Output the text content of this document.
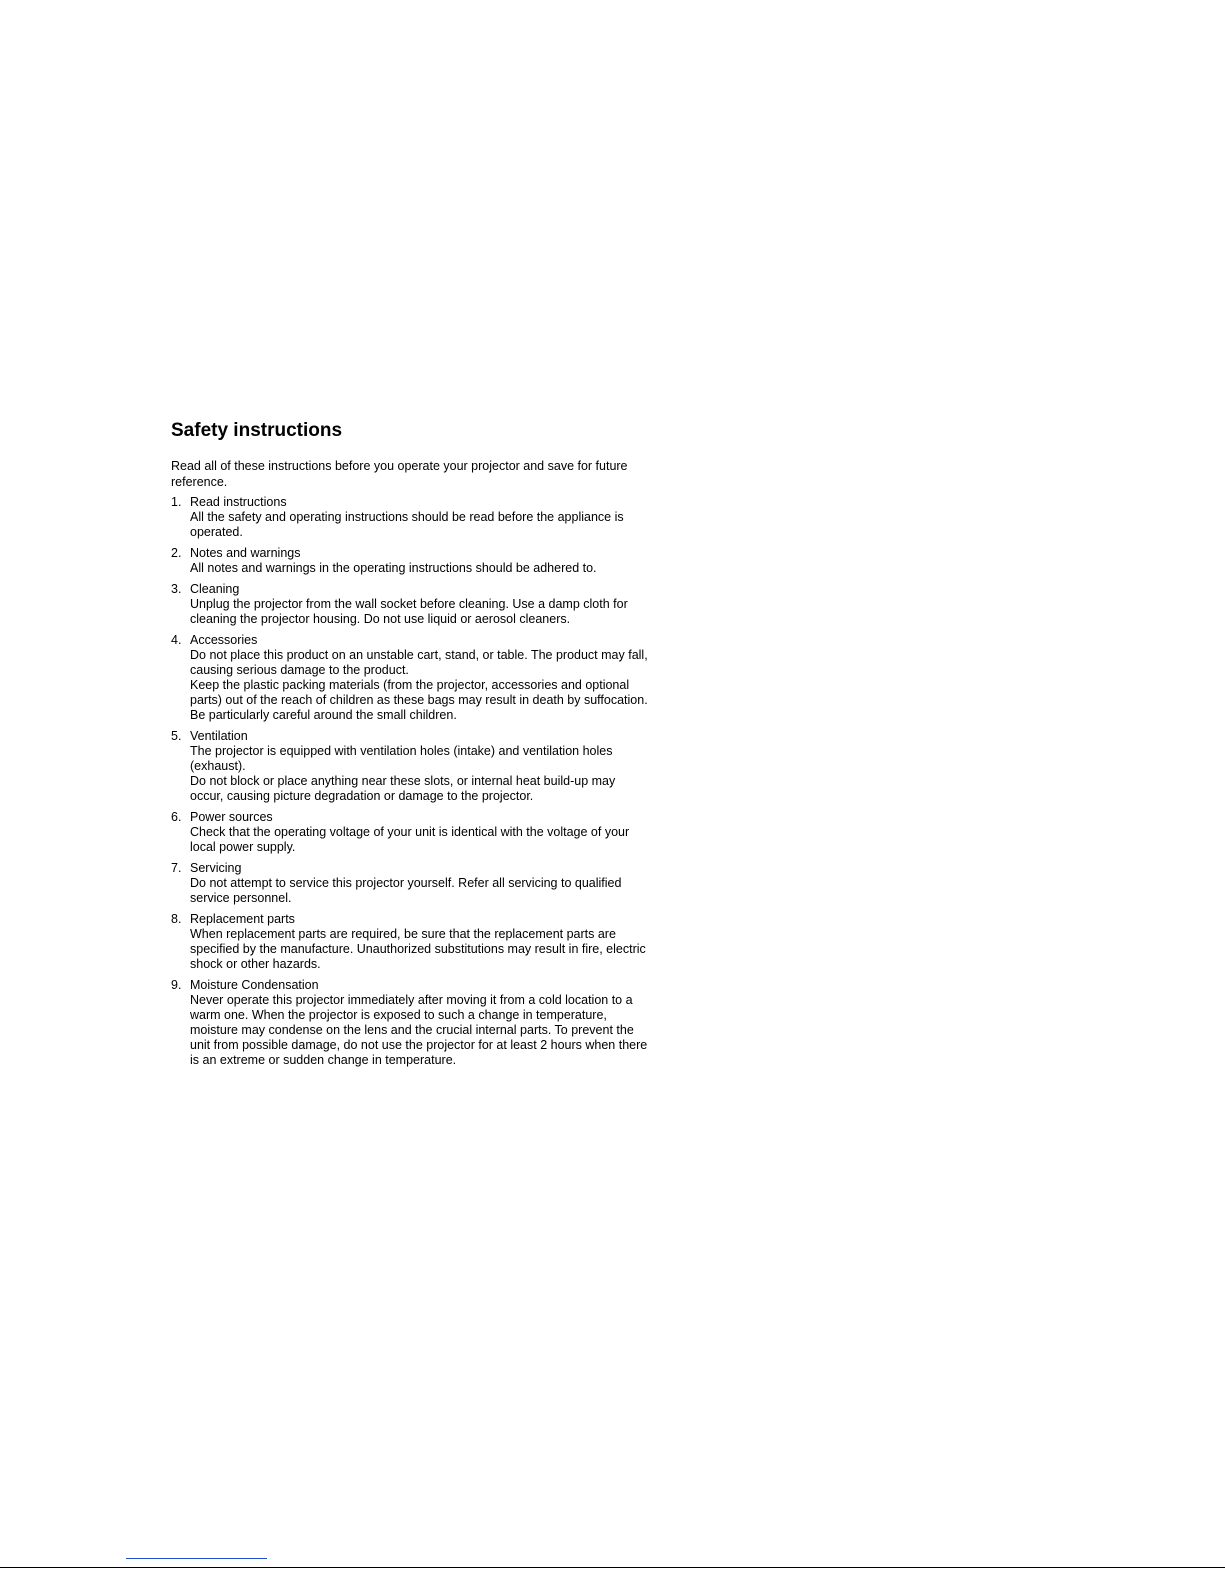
Safety instructions

Read all of these instructions before you operate your projector and save for future
reference.

1. Read instructions
All the safety and operating instructions should be read before the appliance is
operated.
2. Notes and warnings
All notes and warnings in the operating instructions should be adhered to.
3. Cleaning
Unplug the projector from the wall socket before cleaning. Use a damp cloth for
cleaning the projector housing. Do not use liquid or aerosol cleaners.
4. Accessories
Do not place this product on an unstable cart, stand, or table. The product may fall,
causing serious damage to the product.
Keep the plastic packing materials (from the projector, accessories and optional
parts) out of the reach of children as these bags may result in death by suffocation.
Be particularly careful around the small children.
5. Ventilation
The projector is equipped with ventilation holes (intake) and ventilation holes
(exhaust).
Do not block or place anything near these slots, or internal heat build-up may
occur, causing picture degradation or damage to the projector.
6. Power sources
Check that the operating voltage of your unit is identical with the voltage of your
local power supply.
7. Servicing
Do not attempt to service this projector yourself. Refer all servicing to qualified
service personnel.
8. Replacement parts
When replacement parts are required, be sure that the replacement parts are
specified by the manufacture. Unauthorized substitutions may result in fire, electric
shock or other hazards.
9. Moisture Condensation
Never operate this projector immediately after moving it from a cold location to a
warm one. When the projector is exposed to such a change in temperature,
moisture may condense on the lens and the crucial internal parts. To prevent the
unit from possible damage, do not use the projector for at least 2 hours when there
is an extreme or sudden change in temperature.
